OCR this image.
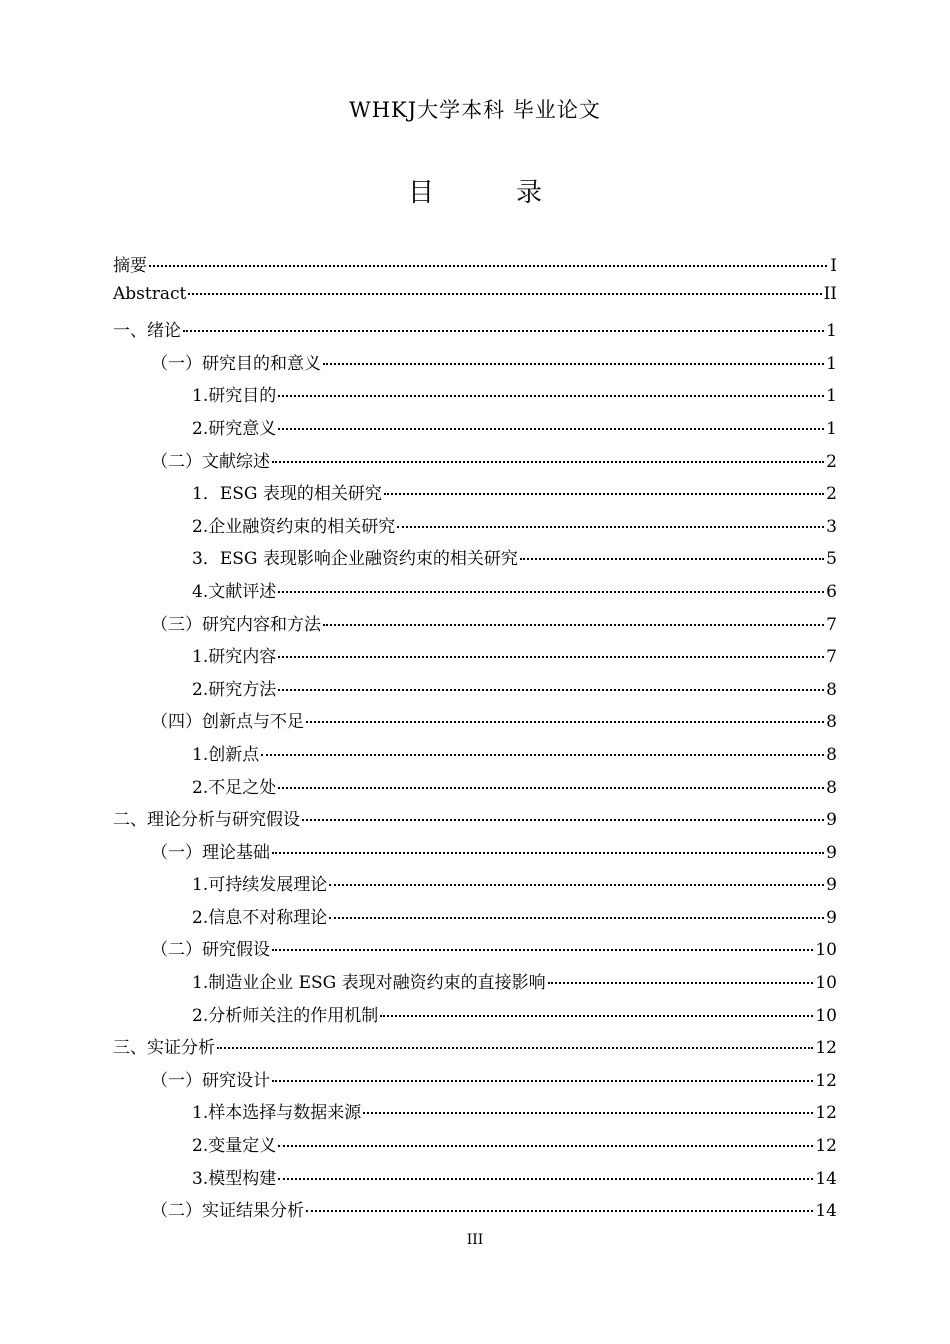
WHKJ大学本科 毕业论文
目　录
摘要	I
Abstract	II
一、绪论	1
（一）研究目的和意义	1
1.研究目的	1
2.研究意义	1
（二）文献综述	2
1．ESG 表现的相关研究	2
2.企业融资约束的相关研究	3
3．ESG 表现影响企业融资约束的相关研究	5
4.文献评述	6
（三）研究内容和方法	7
1.研究内容	7
2.研究方法	8
（四）创新点与不足	8
1.创新点	8
2.不足之处	8
二、理论分析与研究假设	9
（一）理论基础	9
1.可持续发展理论	9
2.信息不对称理论	9
（二）研究假设	10
1.制造业企业 ESG 表现对融资约束的直接影响	10
2.分析师关注的作用机制	10
三、实证分析	12
（一）研究设计	12
1.样本选择与数据来源	12
2.变量定义	12
3.模型构建	14
（二）实证结果分析	14
III
